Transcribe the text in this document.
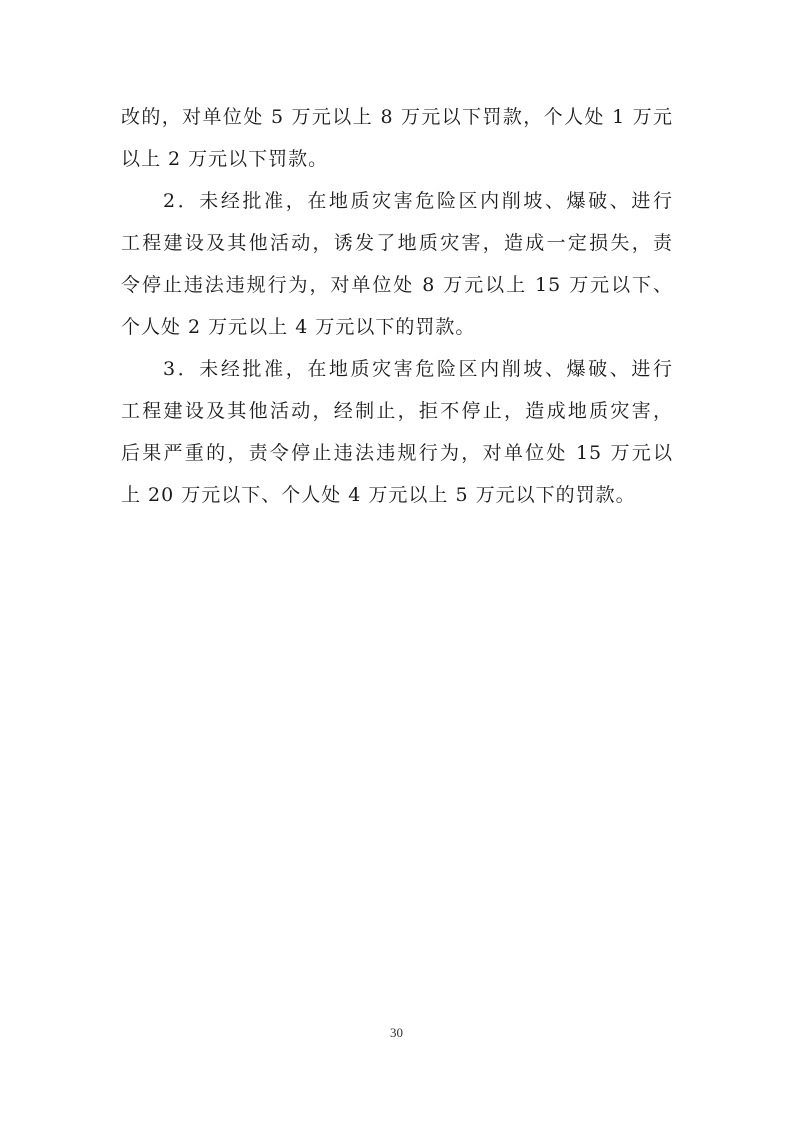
改的，对单位处 5 万元以上 8 万元以下罚款，个人处 1 万元
以上 2 万元以下罚款。
2．未经批准，在地质灾害危险区内削坡、爆破、进行
工程建设及其他活动，诱发了地质灾害，造成一定损失，责
令停止违法违规行为，对单位处 8 万元以上 15 万元以下、
个人处 2 万元以上 4 万元以下的罚款。
3．未经批准，在地质灾害危险区内削坡、爆破、进行
工程建设及其他活动，经制止，拒不停止，造成地质灾害，
后果严重的，责令停止违法违规行为，对单位处 15 万元以
上 20 万元以下、个人处 4 万元以上 5 万元以下的罚款。
30
